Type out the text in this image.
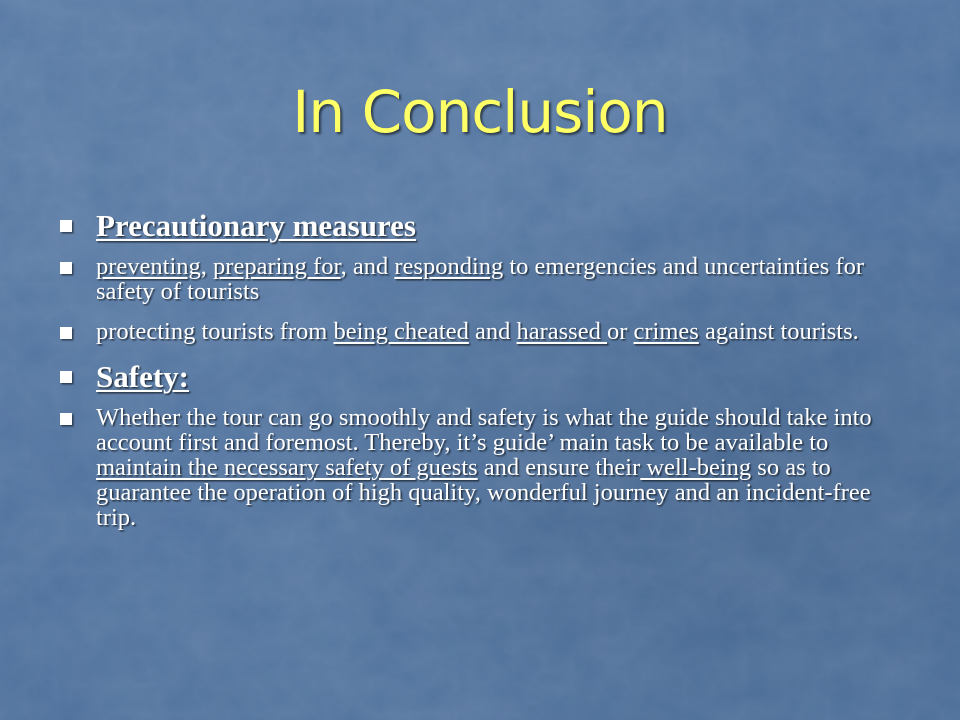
In Conclusion
Precautionary measures
preventing, preparing for, and responding to emergencies and uncertainties for safety of tourists
protecting tourists from being cheated and harassed or crimes against tourists.
Safety:
Whether the tour can go smoothly and safety is what the guide should take into account first and foremost. Thereby, it’s guide’ main task to be available to maintain the necessary safety of guests and ensure their well-being so as to guarantee the operation of high quality, wonderful journey and an incident-free trip.
